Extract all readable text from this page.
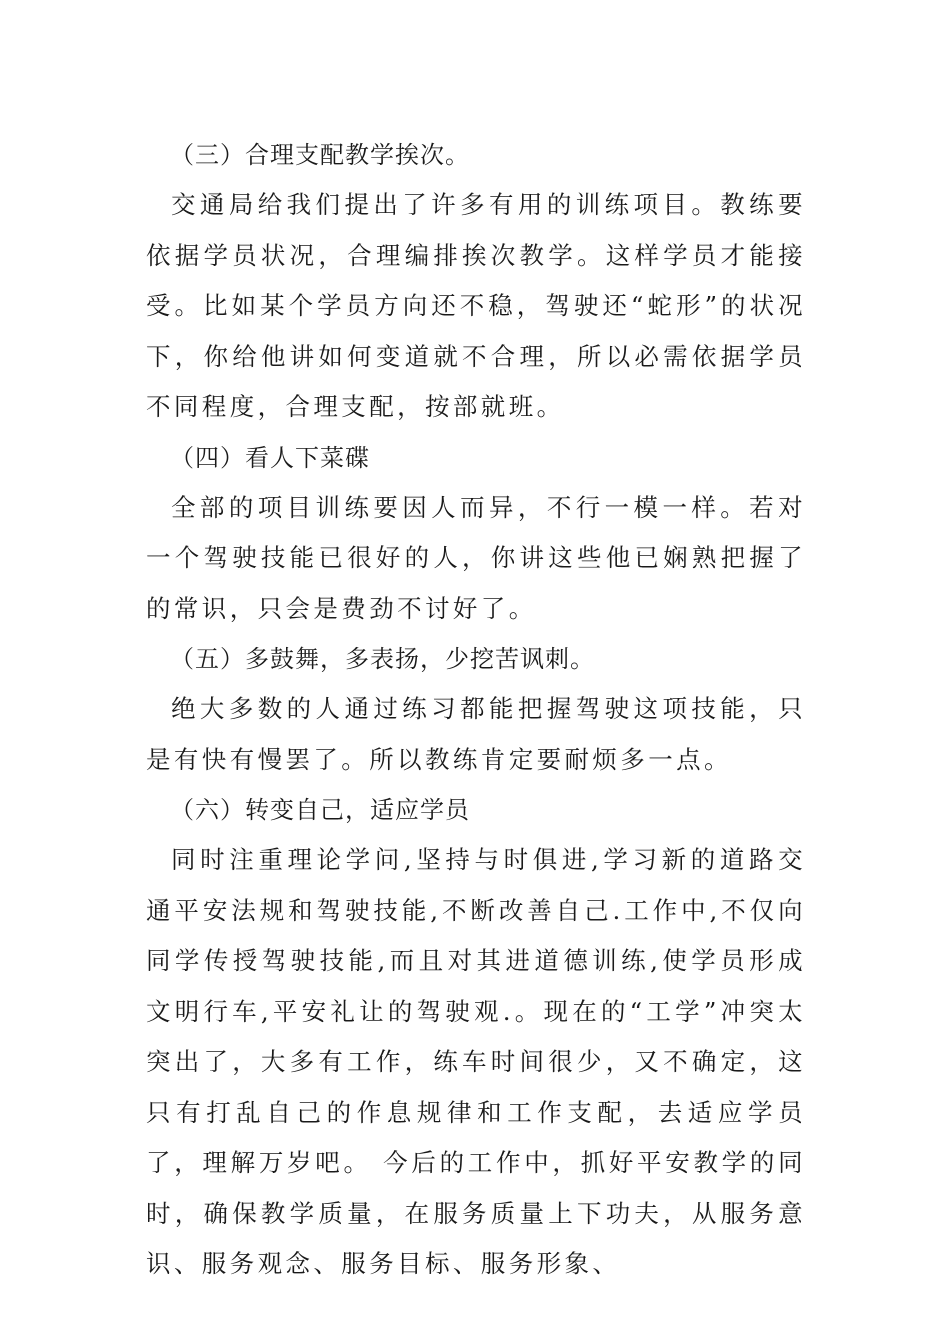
（三）合理支配教学挨次。

交通局给我们提出了许多有用的训练项目。教练要依据学员状况，合理编排挨次教学。这样学员才能接受。比如某个学员方向还不稳，驾驶还“蛇形”的状况下，你给他讲如何变道就不合理，所以必需依据学员不同程度，合理支配，按部就班。

（四）看人下菜碟

全部的项目训练要因人而异，不行一模一样。若对一个驾驶技能已很好的人，你讲这些他已娴熟把握了的常识，只会是费劲不讨好了。

（五）多鼓舞，多表扬，少挖苦讽刺。

绝大多数的人通过练习都能把握驾驶这项技能，只是有快有慢罢了。所以教练肯定要耐烦多一点。

（六）转变自己，适应学员

同时注重理论学问,坚持与时俱进,学习新的道路交通平安法规和驾驶技能,不断改善自己.工作中,不仅向同学传授驾驶技能,而且对其进道德训练,使学员形成文明行车,平安礼让的驾驶观.。现在的“工学”冲突太突出了，大多有工作，练车时间很少，又不确定，这只有打乱自己的作息规律和工作支配，去适应学员了，理解万岁吧。 今后的工作中，抓好平安教学的同时，确保教学质量，在服务质量上下功夫，从服务意识、服务观念、服务目标、服务形象、
